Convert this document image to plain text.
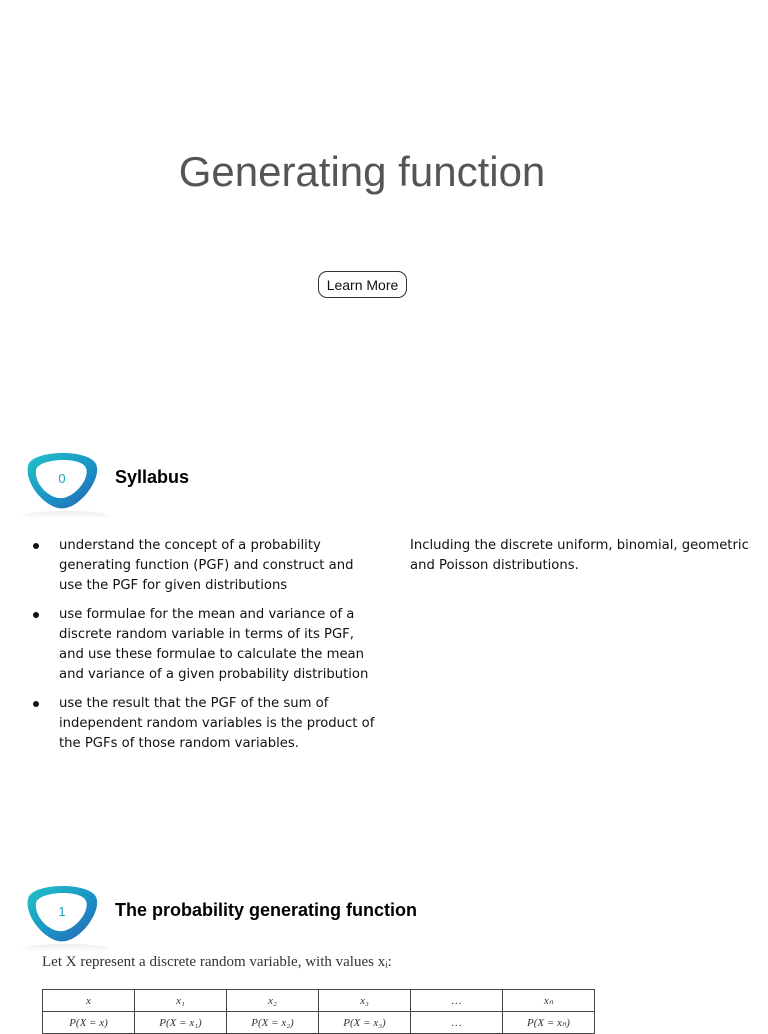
Generating function
Learn More
0	Syllabus
understand the concept of a probability generating function (PGF) and construct and use the PGF for given distributions
use formulae for the mean and variance of a discrete random variable in terms of its PGF, and use these formulae to calculate the mean and variance of a given probability distribution
use the result that the PGF of the sum of independent random variables is the product of the PGFs of those random variables.

Including the discrete uniform, binomial, geometric and Poisson distributions.

1	The probability generating function

Let X represent a discrete random variable, with values xᵢ:

x	x₁	x₂	x₃	…	xₙ
P(X = x)	P(X = x₁)	P(X = x₂)	P(X = x₃)	…	P(X = xₙ)
